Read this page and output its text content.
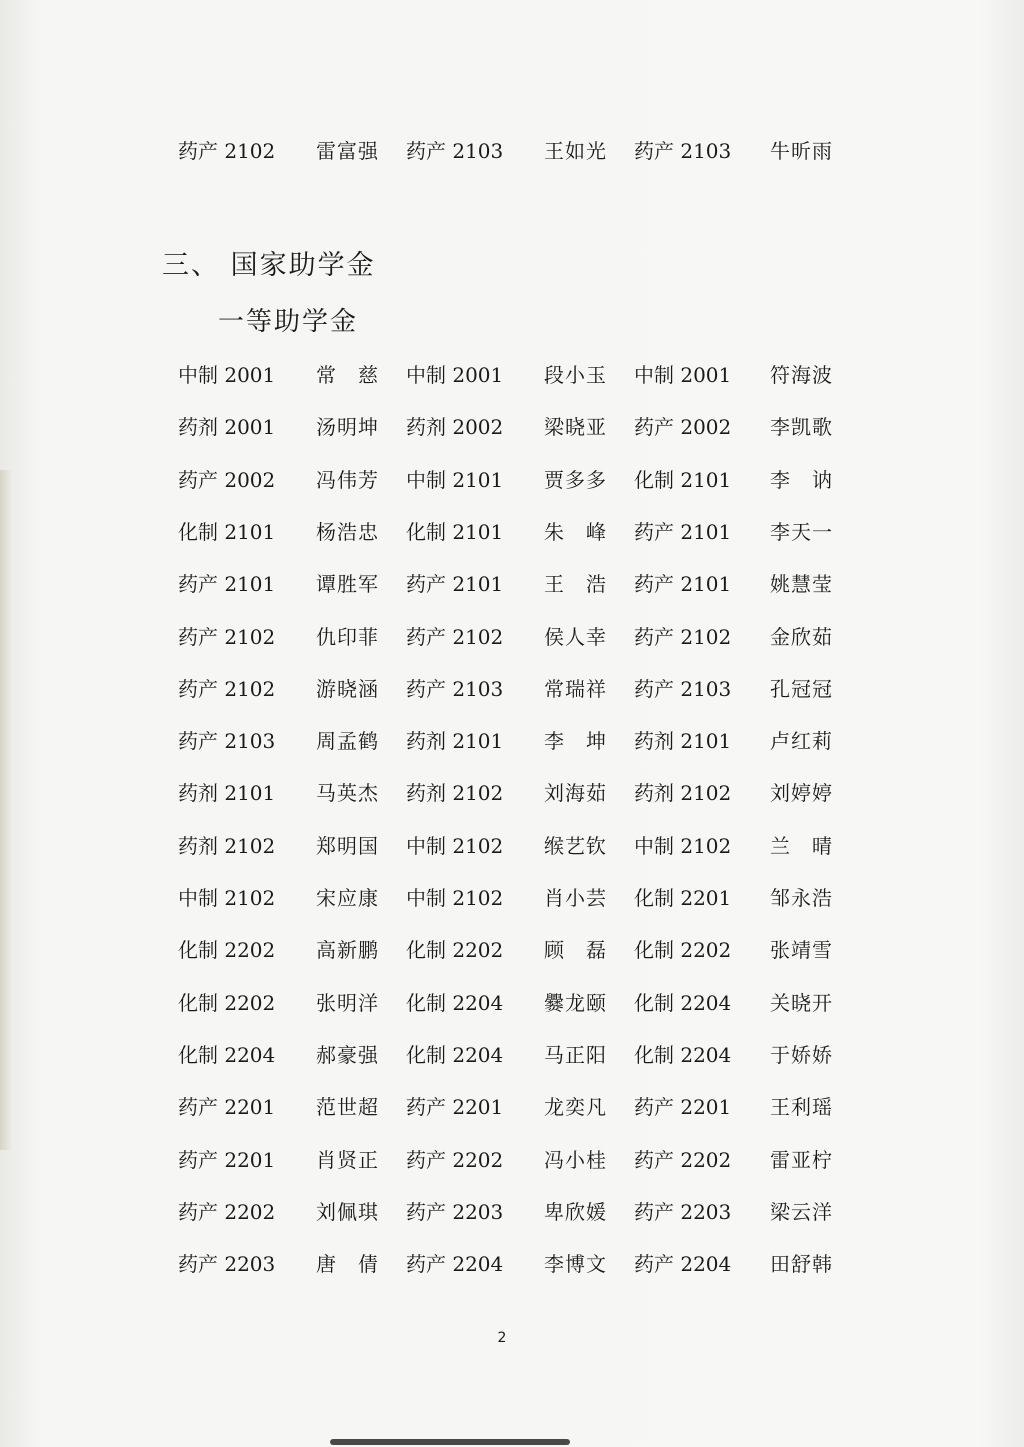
药产 2102 雷富强 药产 2103 王如光 药产 2103 牛昕雨
三、 国家助学金
一等助学金
中制 2001 常　慈 中制 2001 段小玉 中制 2001 符海波
药剂 2001 汤明坤 药剂 2002 梁晓亚 药产 2002 李凯歌
药产 2002 冯伟芳 中制 2101 贾多多 化制 2101 李　讷
化制 2101 杨浩忠 化制 2101 朱　峰 药产 2101 李天一
药产 2101 谭胜军 药产 2101 王　浩 药产 2101 姚慧莹
药产 2102 仇印菲 药产 2102 侯人幸 药产 2102 金欣茹
药产 2102 游晓涵 药产 2103 常瑞祥 药产 2103 孔冠冠
药产 2103 周孟鹤 药剂 2101 李　坤 药剂 2101 卢红莉
药剂 2101 马英杰 药剂 2102 刘海茹 药剂 2102 刘婷婷
药剂 2102 郑明国 中制 2102 缑艺钦 中制 2102 兰　晴
中制 2102 宋应康 中制 2102 肖小芸 化制 2201 邹永浩
化制 2202 高新鹏 化制 2202 顾　磊 化制 2202 张靖雪
化制 2202 张明洋 化制 2204 爨龙颐 化制 2204 关晓开
化制 2204 郝豪强 化制 2204 马正阳 化制 2204 于娇娇
药产 2201 范世超 药产 2201 龙奕凡 药产 2201 王利瑶
药产 2201 肖贤正 药产 2202 冯小桂 药产 2202 雷亚柠
药产 2202 刘佩琪 药产 2203 卑欣媛 药产 2203 梁云洋
药产 2203 唐　倩 药产 2204 李博文 药产 2204 田舒韩
2
